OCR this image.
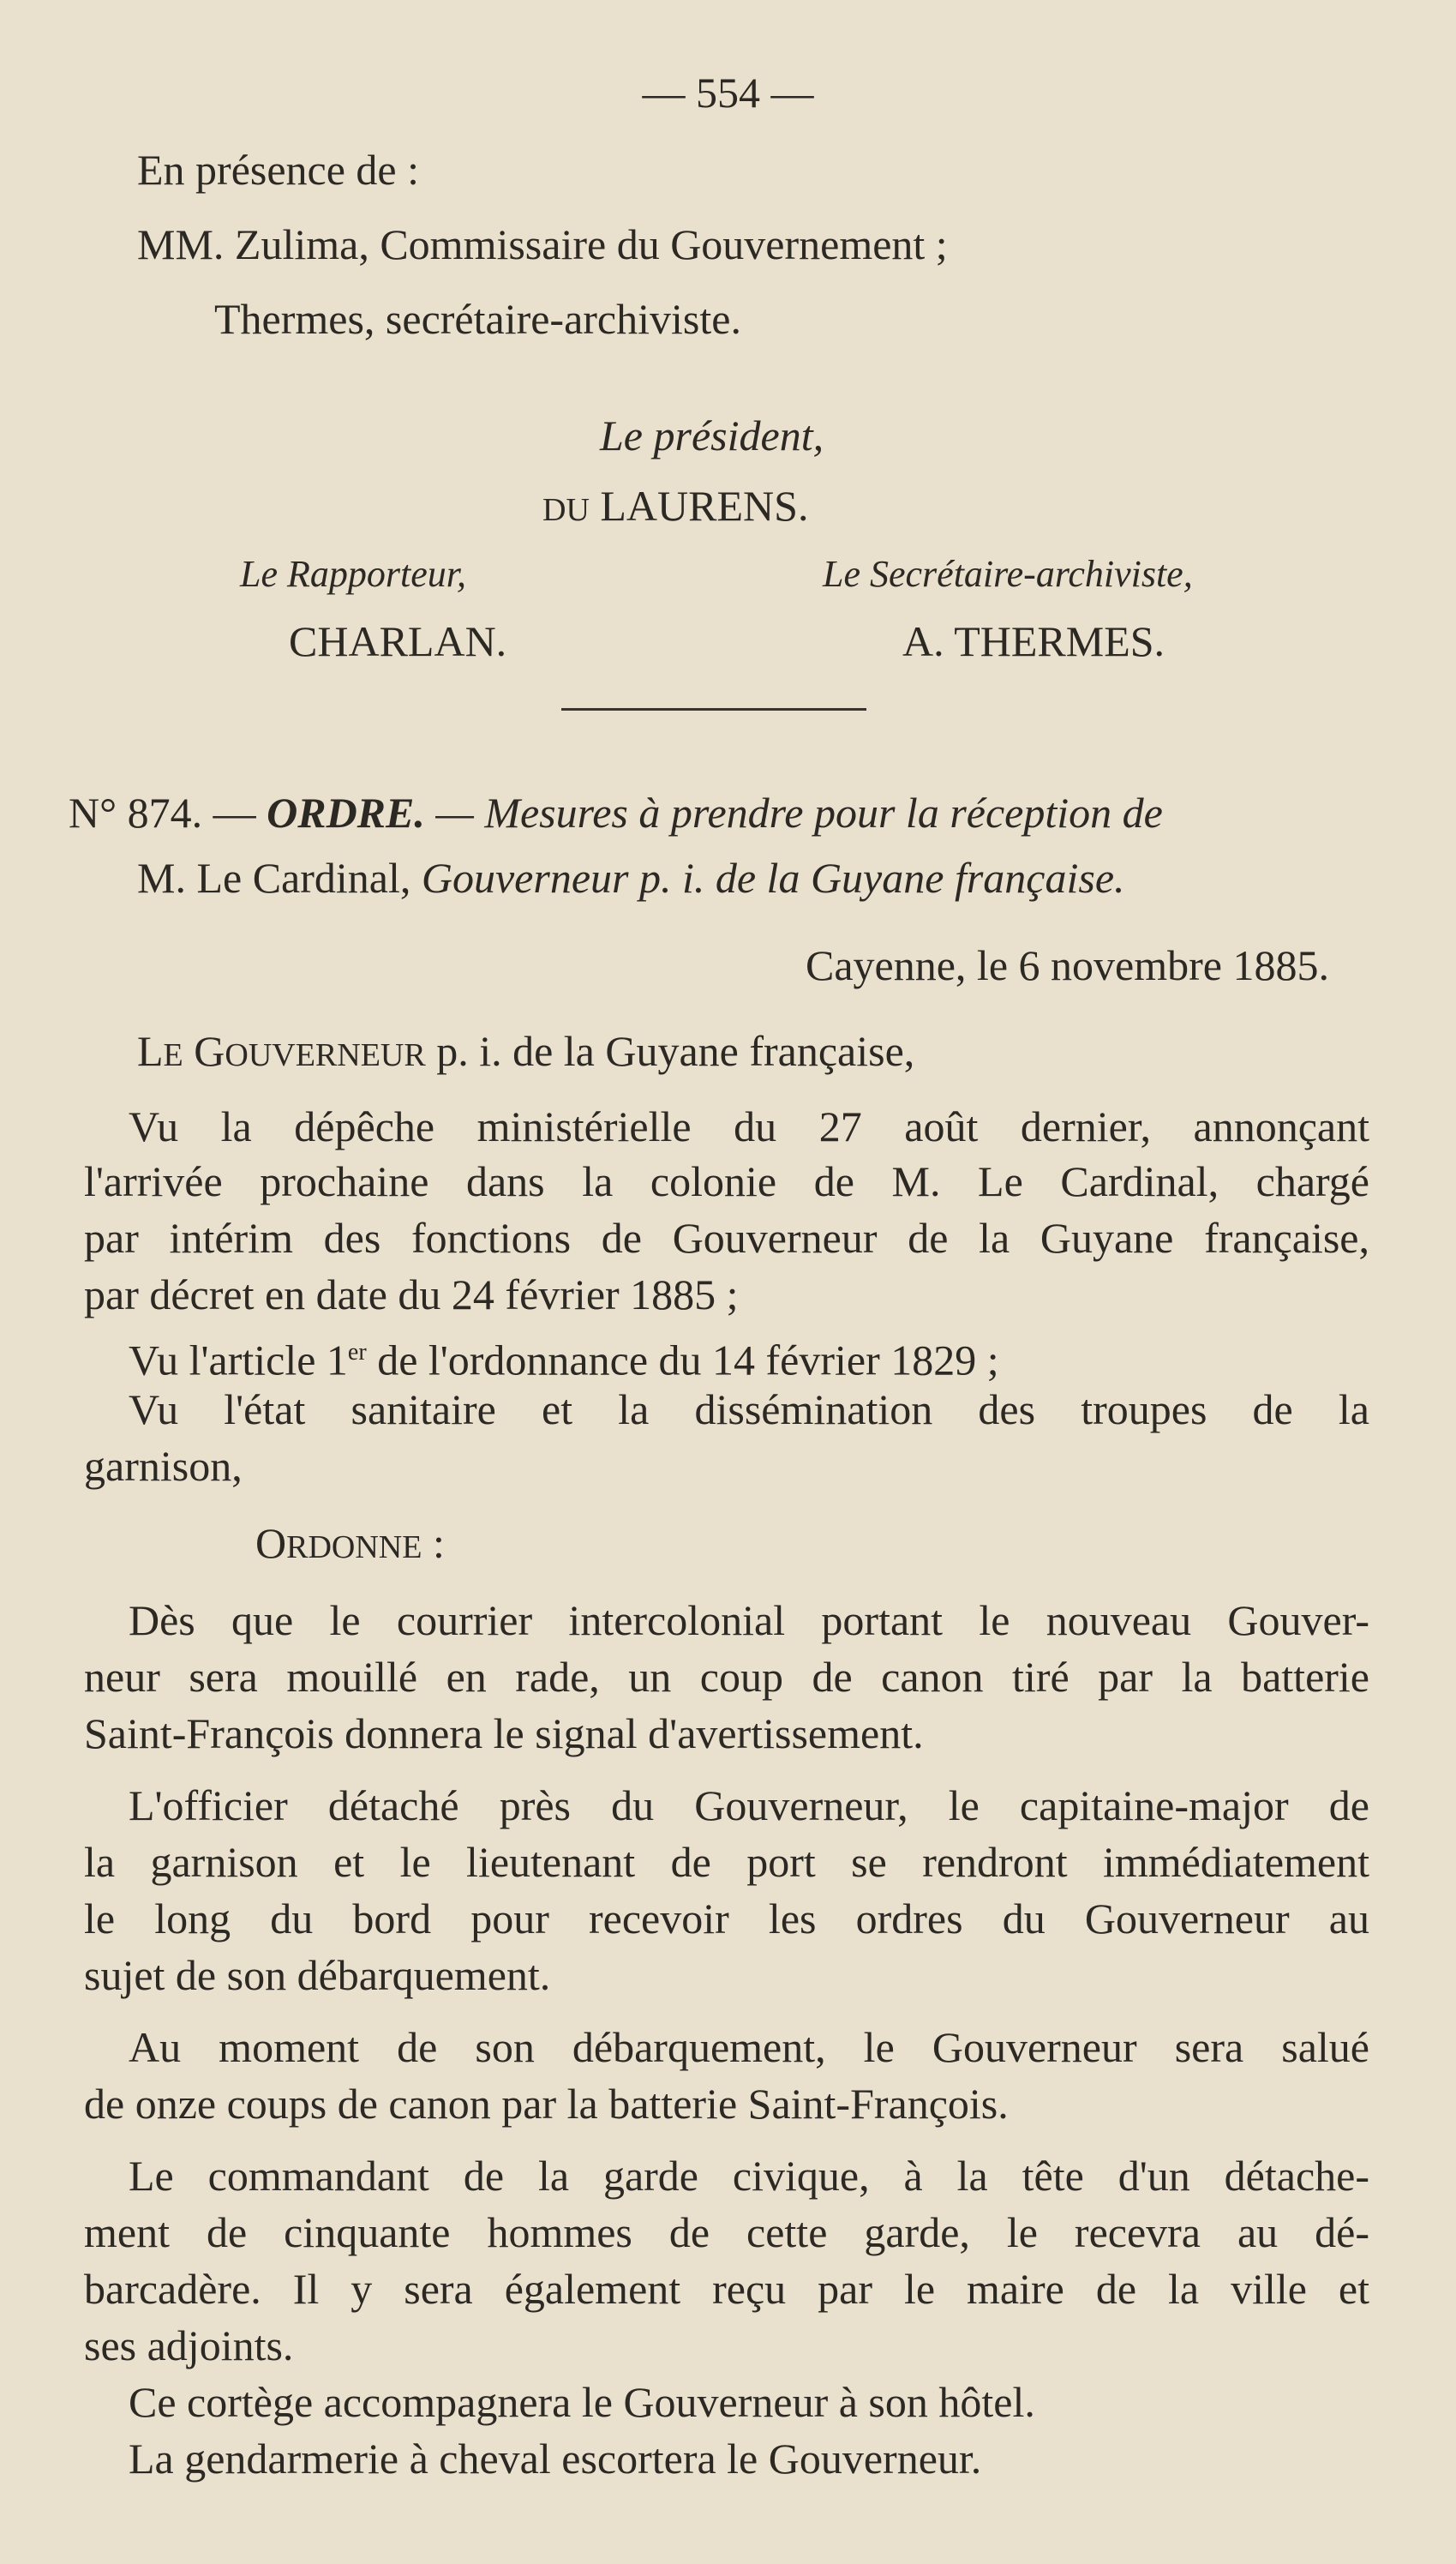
— 554 —
En présence de :
MM. Zulima, Commissaire du Gouvernement ;
Thermes, secrétaire-archiviste.
Le président,
DU LAURENS.
Le Rapporteur,	Le Secrétaire-archiviste,
CHARLAN.	A. THERMES.
N° 874. — ORDRE. — Mesures à prendre pour la réception de
M. Le Cardinal, Gouverneur p. i. de la Guyane française.
Cayenne, le 6 novembre 1885.
LE GOUVERNEUR p. i. de la Guyane française,
Vu la dépêche ministérielle du 27 août dernier, annonçant
l'arrivée prochaine dans la colonie de M. Le Cardinal, chargé
par intérim des fonctions de Gouverneur de la Guyane française,
par décret en date du 24 février 1885 ;
Vu l'article 1er de l'ordonnance du 14 février 1829 ;
Vu l'état sanitaire et la dissémination des troupes de la
garnison,
ORDONNE :
Dès que le courrier intercolonial portant le nouveau Gouver-
neur sera mouillé en rade, un coup de canon tiré par la batterie
Saint-François donnera le signal d'avertissement.
L'officier détaché près du Gouverneur, le capitaine-major de
la garnison et le lieutenant de port se rendront immédiatement
le long du bord pour recevoir les ordres du Gouverneur au
sujet de son débarquement.
Au moment de son débarquement, le Gouverneur sera salué
de onze coups de canon par la batterie Saint-François.
Le commandant de la garde civique, à la tête d'un détache-
ment de cinquante hommes de cette garde, le recevra au dé-
barcadère. Il y sera également reçu par le maire de la ville et
ses adjoints.
Ce cortège accompagnera le Gouverneur à son hôtel.
La gendarmerie à cheval escortera le Gouverneur.
